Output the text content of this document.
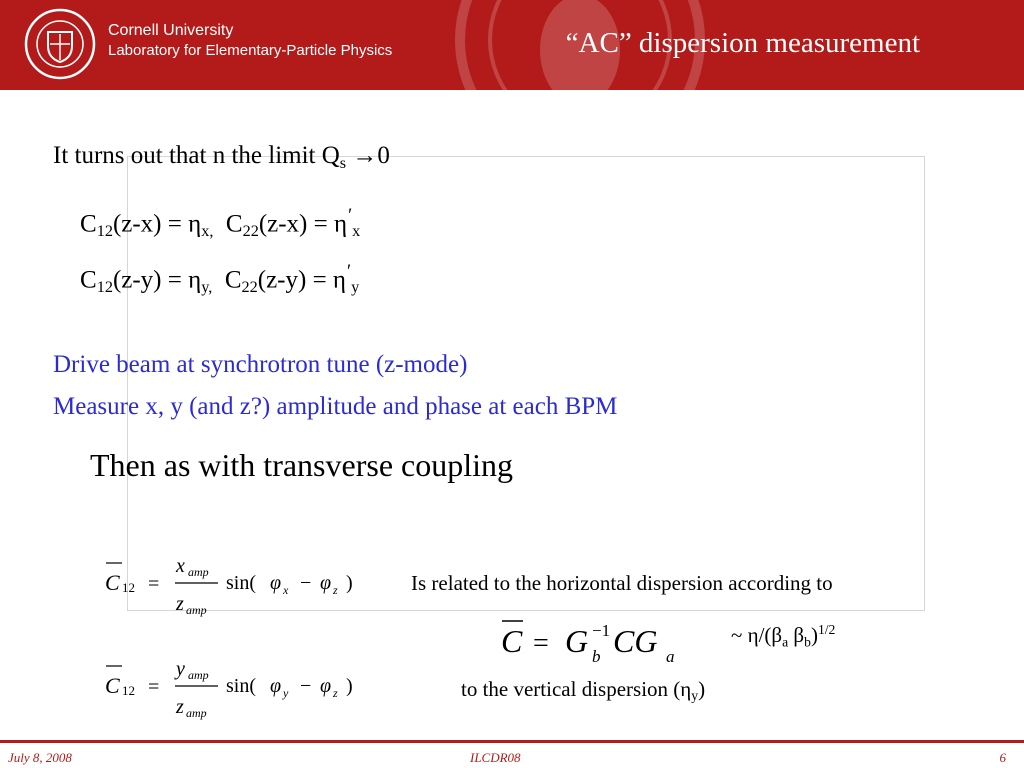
Cornell University
Laboratory for Elementary-Particle Physics	“AC” dispersion measurement
It turns out that n the limit $Q_s \to 0$
$C_{12}(z-x) = \eta_{x,}$ $C_{22}(z-x) = \eta'_x$
$C_{12}(z-y) = \eta_{y,}$ $C_{22}(z-y) = \eta'_y$
Drive beam at synchrotron tune (z-mode)
Measure x, y (and z?) amplitude and phase at each BPM
Then as with transverse coupling
C 12 =
x amp
z amp
sin( φ x − φ z )	Is related to the horizontal dispersion according to
C = G −1
b CG a
~ $\eta/(\beta_a$ $\beta_b)^{1/2}$
C 12 =
y amp
z amp
sin( φ y − φ z )	to the vertical dispersion $(\eta_y)$
July 8, 2008	ILCDR08	6
